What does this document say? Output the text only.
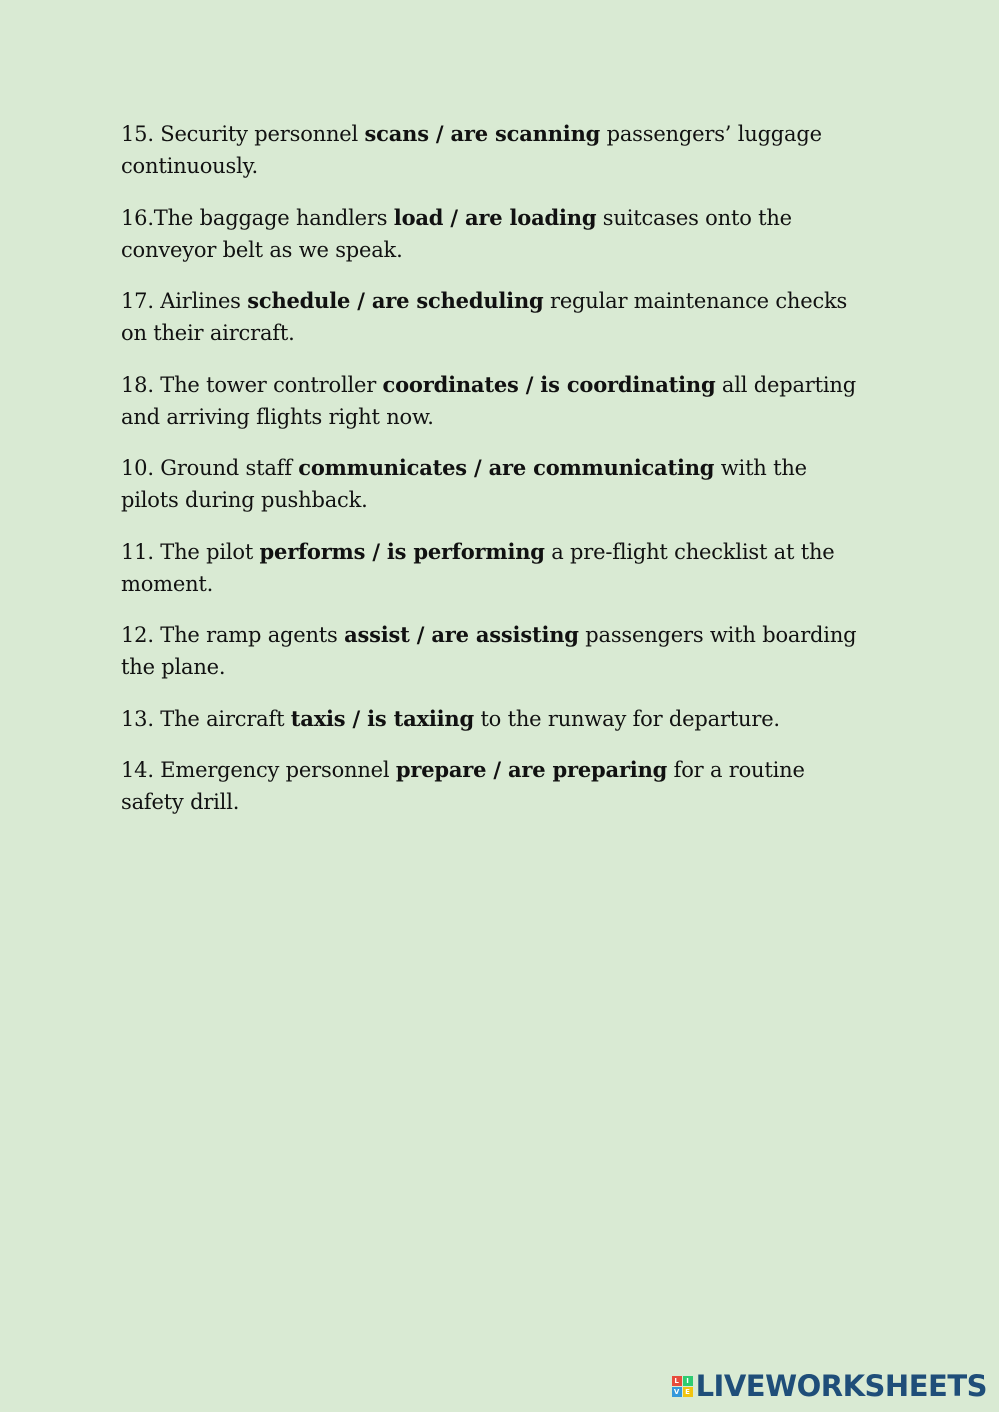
15. Security personnel scans / are scanning passengers’ luggage continuously.

16.The baggage handlers load / are loading suitcases onto the conveyor belt as we speak.

17. Airlines schedule / are scheduling regular maintenance checks on their aircraft.

18. The tower controller coordinates / is coordinating all departing and arriving flights right now.

10. Ground staff communicates / are communicating with the pilots during pushback.

11. The pilot performs / is performing a pre-flight checklist at the moment.

12. The ramp agents assist / are assisting passengers with boarding the plane.

13. The aircraft taxis / is taxiing to the runway for departure.

14. Emergency personnel prepare / are preparing for a routine safety drill.

L	I
V E LIVEWORKSHEETS
